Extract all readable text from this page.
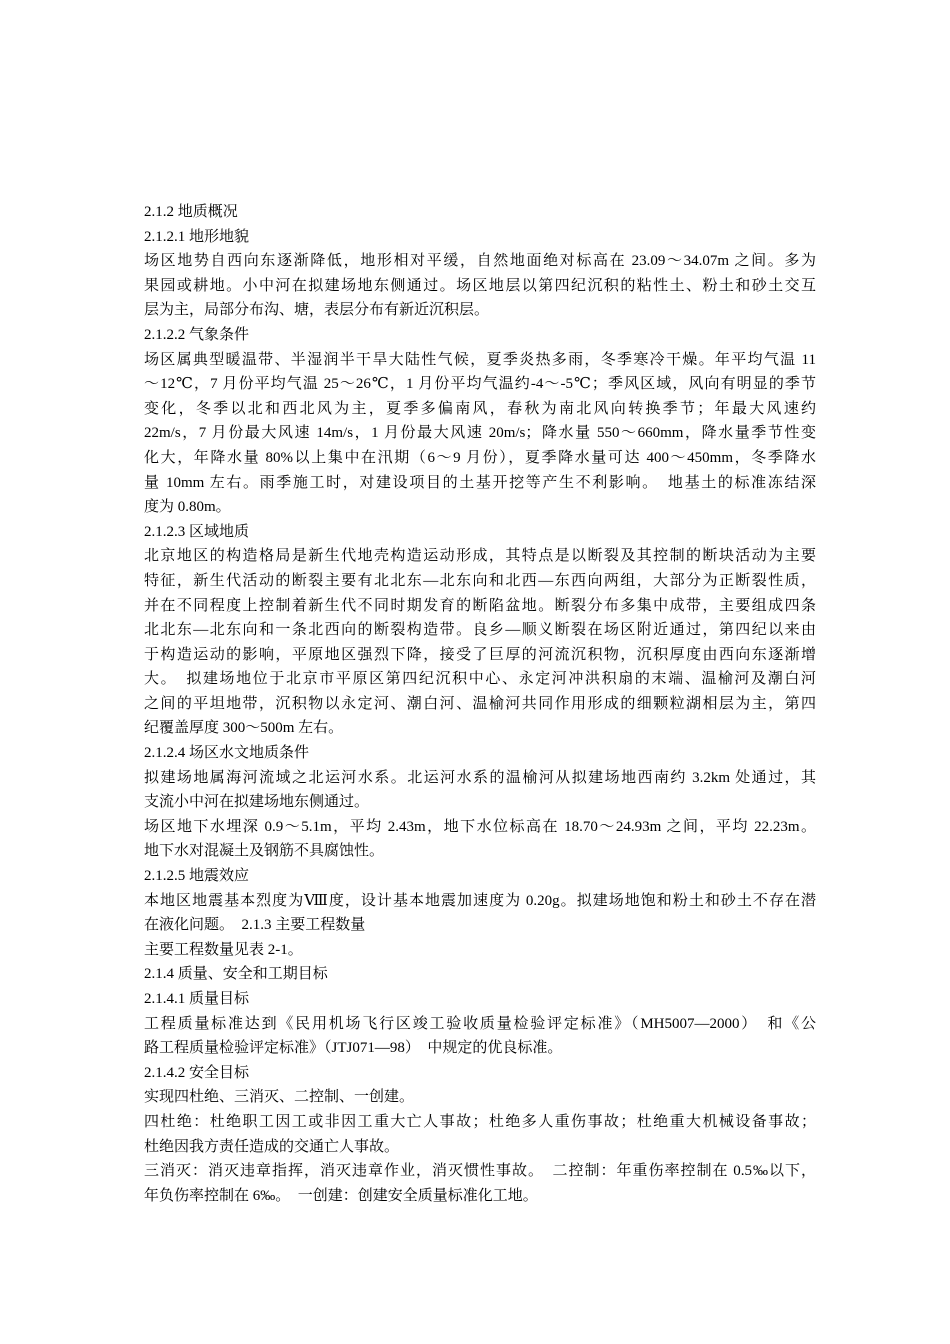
2.1.2 地质概况
2.1.2.1 地形地貌
场区地势自西向东逐渐降低，地形相对平缓，自然地面绝对标高在 23.09～34.07m 之间。多为
果园或耕地。小中河在拟建场地东侧通过。场区地层以第四纪沉积的粘性土、粉土和砂土交互
层为主，局部分布沟、塘，表层分布有新近沉积层。
2.1.2.2 气象条件
场区属典型暖温带、半湿润半干旱大陆性气候，夏季炎热多雨，冬季寒冷干燥。年平均气温 11
～12℃，7 月份平均气温 25～26℃，1 月份平均气温约-4～-5℃；季风区域，风向有明显的季节
变化，冬季以北和西北风为主，夏季多偏南风，春秋为南北风向转换季节；年最大风速约
22m/s，7 月份最大风速 14m/s，1 月份最大风速 20m/s；降水量 550～660mm，降水量季节性变
化大，年降水量 80%以上集中在汛期（6～9 月份），夏季降水量可达 400～450mm，冬季降水
量 10mm 左右。雨季施工时，对建设项目的土基开挖等产生不利影响。　地基土的标准冻结深
度为 0.80m。
2.1.2.3 区域地质
北京地区的构造格局是新生代地壳构造运动形成，其特点是以断裂及其控制的断块活动为主要
特征，新生代活动的断裂主要有北北东—北东向和北西—东西向两组，大部分为正断裂性质，
并在不同程度上控制着新生代不同时期发育的断陷盆地。断裂分布多集中成带，主要组成四条
北北东—北东向和一条北西向的断裂构造带。良乡—顺义断裂在场区附近通过，第四纪以来由
于构造运动的影响，平原地区强烈下降，接受了巨厚的河流沉积物，沉积厚度由西向东逐渐增
大。　拟建场地位于北京市平原区第四纪沉积中心、永定河冲洪积扇的末端、温榆河及潮白河
之间的平坦地带，沉积物以永定河、潮白河、温榆河共同作用形成的细颗粒湖相层为主，第四
纪覆盖厚度 300～500m 左右。
2.1.2.4 场区水文地质条件
拟建场地属海河流域之北运河水系。北运河水系的温榆河从拟建场地西南约 3.2km 处通过，其
支流小中河在拟建场地东侧通过。
场区地下水埋深 0.9～5.1m，平均 2.43m，地下水位标高在 18.70～24.93m 之间，平均 22.23m。
地下水对混凝土及钢筋不具腐蚀性。
2.1.2.5 地震效应
本地区地震基本烈度为Ⅷ度，设计基本地震加速度为 0.20g。拟建场地饱和粉土和砂土不存在潜
在液化问题。　2.1.3 主要工程数量
主要工程数量见表 2-1。
2.1.4 质量、安全和工期目标
2.1.4.1 质量目标
工程质量标准达到《民用机场飞行区竣工验收质量检验评定标准》（MH5007—2000）　和《公
路工程质量检验评定标准》（JTJ071—98）　中规定的优良标准。
2.1.4.2 安全目标
实现四杜绝、三消灭、二控制、一创建。
四杜绝：杜绝职工因工或非因工重大亡人事故；杜绝多人重伤事故；杜绝重大机械设备事故；
杜绝因我方责任造成的交通亡人事故。
三消灭：消灭违章指挥，消灭违章作业，消灭惯性事故。　二控制：年重伤率控制在 0.5‰以下，
年负伤率控制在 6‰。　一创建：创建安全质量标准化工地。
